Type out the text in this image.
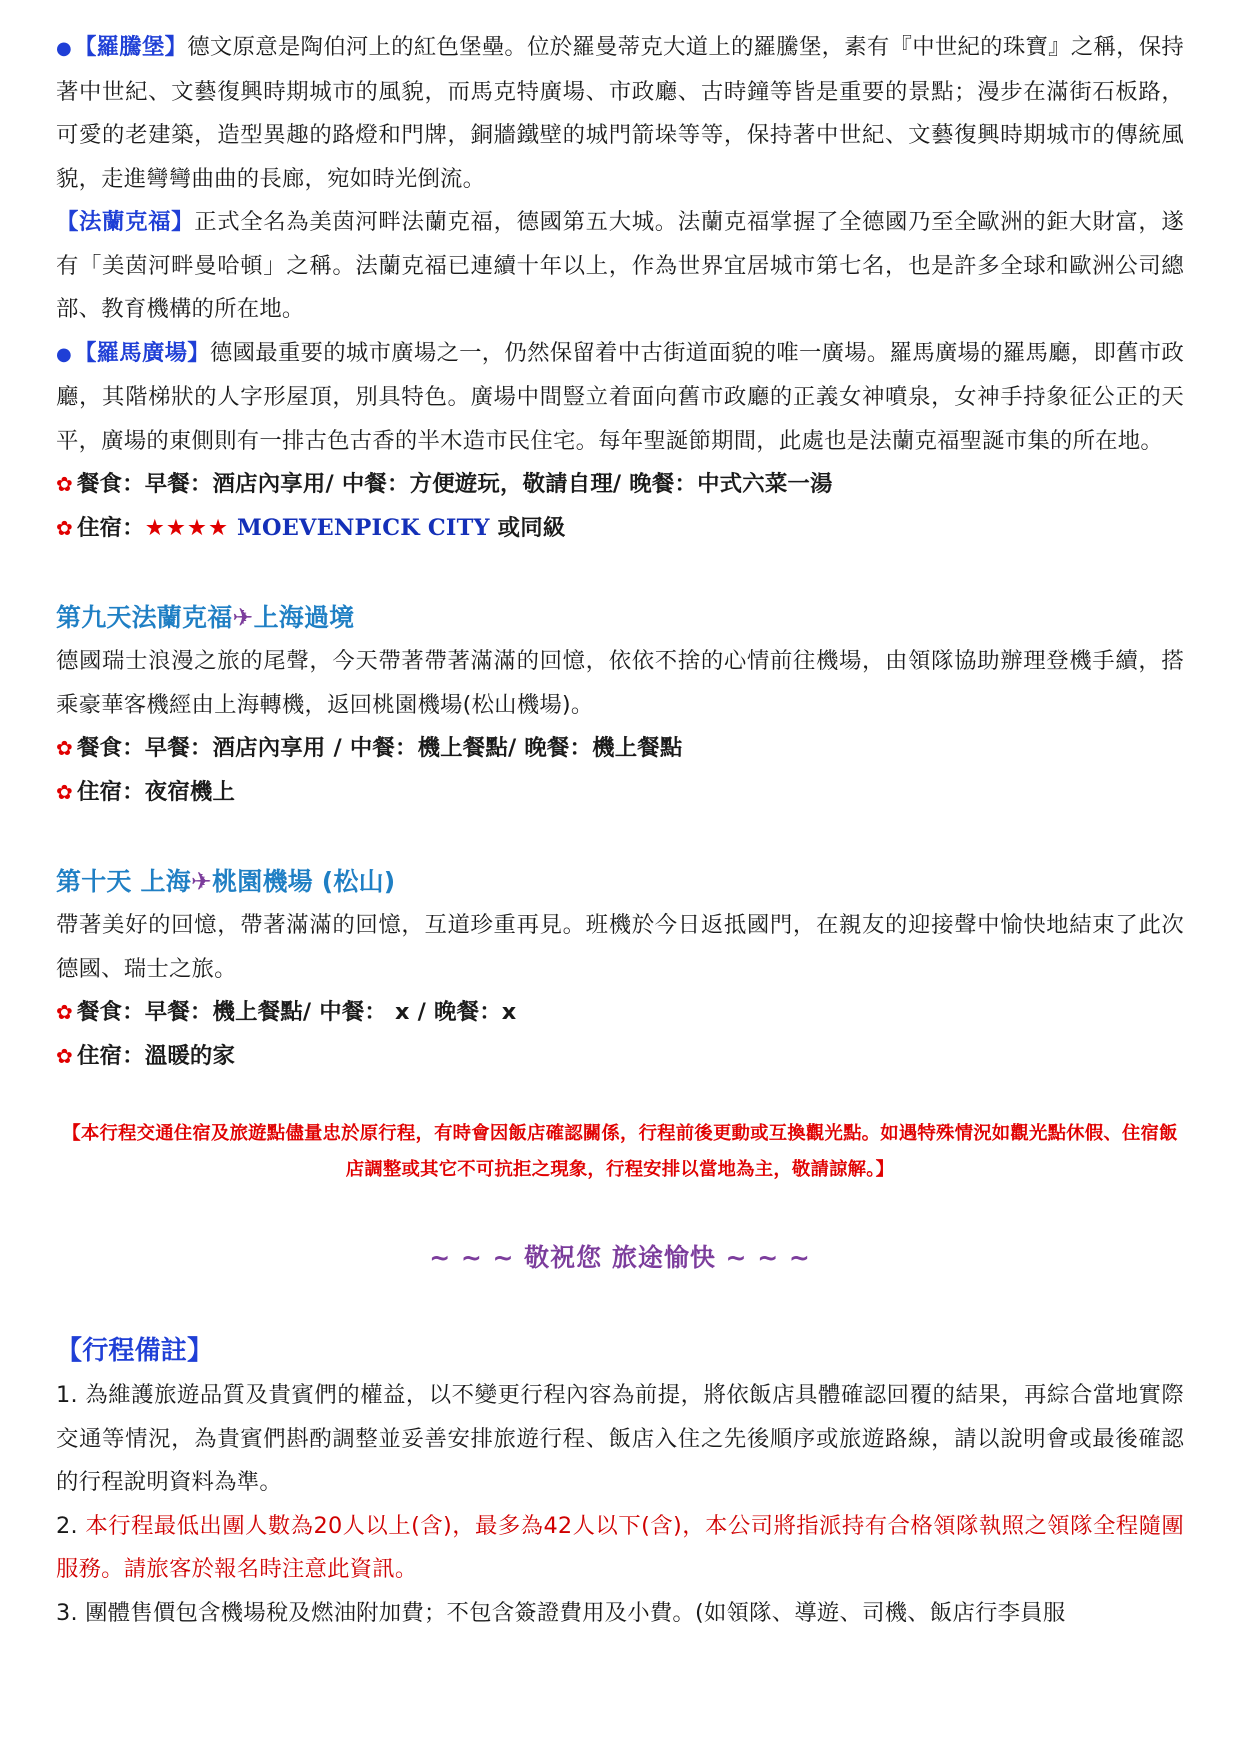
●【羅騰堡】德文原意是陶伯河上的紅色堡壘。位於羅曼蒂克大道上的羅騰堡，素有『中世紀的珠寶』之稱，保持著中世紀、文藝復興時期城市的風貌，而馬克特廣場、市政廳、古時鐘等皆是重要的景點；漫步在滿街石板路，可愛的老建築，造型異趣的路燈和門牌，銅牆鐵壁的城門箭垛等等，保持著中世紀、文藝復興時期城市的傳統風貌，走進彎彎曲曲的長廊，宛如時光倒流。

【法蘭克福】正式全名為美茵河畔法蘭克福，德國第五大城。法蘭克福掌握了全德國乃至全歐洲的鉅大財富，遂有「美茵河畔曼哈頓」之稱。法蘭克福已連續十年以上，作為世界宜居城市第七名，也是許多全球和歐洲公司總部、教育機構的所在地。

●【羅馬廣場】德國最重要的城市廣場之一，仍然保留着中古街道面貌的唯一廣場。羅馬廣場的羅馬廳，即舊市政廳，其階梯狀的人字形屋頂，別具特色。廣場中間豎立着面向舊市政廳的正義女神噴泉，女神手持象征公正的天平，廣場的東側則有一排古色古香的半木造市民住宅。每年聖誕節期間，此處也是法蘭克福聖誕市集的所在地。

✿ 餐食：早餐：酒店內享用/ 中餐：方便遊玩，敬請自理/ 晚餐：中式六菜一湯

✿ 住宿：★★★★ MOEVENPICK CITY 或同級

第九天法蘭克福✈上海過境

德國瑞士浪漫之旅的尾聲，今天帶著帶著滿滿的回憶，依依不捨的心情前往機場，由領隊協助辦理登機手續，搭乘豪華客機經由上海轉機，返回桃園機場(松山機場)。

✿ 餐食：早餐：酒店內享用 / 中餐：機上餐點/ 晚餐：機上餐點

✿ 住宿：夜宿機上

第十天 上海✈桃園機場 (松山)

帶著美好的回憶，帶著滿滿的回憶，互道珍重再見。班機於今日返抵國門，在親友的迎接聲中愉快地結束了此次德國、瑞士之旅。

✿ 餐食：早餐：機上餐點/ 中餐： x / 晚餐：x

✿ 住宿：溫暖的家

【本行程交通住宿及旅遊點儘量忠於原行程，有時會因飯店確認關係，行程前後更動或互換觀光點。如遇特殊情況如觀光點休假、住宿飯店調整或其它不可抗拒之現象，行程安排以當地為主，敬請諒解。】

~ ~ ~ 敬祝您 旅途愉快 ~ ~ ~

【行程備註】

1. 為維護旅遊品質及貴賓們的權益，以不變更行程內容為前提，將依飯店具體確認回覆的結果，再綜合當地實際交通等情況，為貴賓們斟酌調整並妥善安排旅遊行程、飯店入住之先後順序或旅遊路線，請以說明會或最後確認的行程說明資料為準。

2. 本行程最低出團人數為20人以上(含)，最多為42人以下(含)，本公司將指派持有合格領隊執照之領隊全程隨團服務。請旅客於報名時注意此資訊。

3. 團體售價包含機場稅及燃油附加費；不包含簽證費用及小費。(如領隊、導遊、司機、飯店行李員服
